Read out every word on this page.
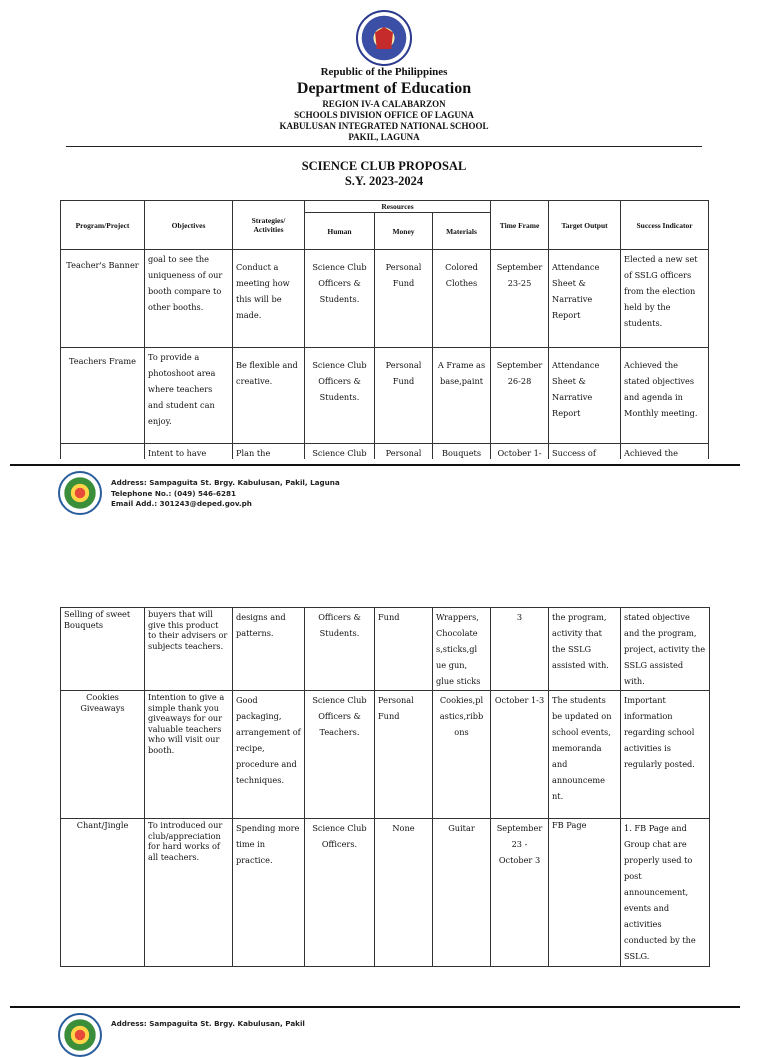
Republic of the Philippines
Department of Education
REGION IV-A CALABARZON
SCHOOLS DIVISION OFFICE OF LAGUNA
KABULUSAN INTEGRATED NATIONAL SCHOOL
PAKIL, LAGUNA
SCIENCE CLUB PROPOSAL
S.Y. 2023-2024
Program/Project	Objectives	Strategies/ Activities	Resources			Time Frame	Target Output	Success Indicator
			Human	Money	Materials			
Teacher's Banner	goal to see the uniqueness of our booth compare to other booths.	Conduct a meeting how this will be made.	Science Club Officers & Students.	Personal Fund	Colored Clothes	September 23-25	Attendance Sheet & Narrative Report	Elected a new set of SSLG officers from the election held by the students.
Teachers Frame	To provide a photoshoot area where teachers and student can enjoy.	Be flexible and creative.	Science Club Officers & Students.	Personal Fund	A Frame as base,paint	September 26-28	Attendance Sheet & Narrative Report	Achieved the stated objectives and agenda in Monthly meeting.
	Intent to have	Plan the	Science Club	Personal	Bouquets	October 1-	Success of	Achieved the
Address: Sampaguita St. Brgy. Kabulusan, Pakil, Laguna
Telephone No.: (049) 546-6281
Email Add.: 301243@deped.gov.ph
Selling of sweet Bouquets	buyers that will give this product to their advisers or subjects teachers.	designs and patterns.	Officers & Students.	Fund	Wrappers, Chocolate s,sticks,gl ue gun, glue sticks	3	the program, activity that the SSLG assisted with.	stated objective and the program, project, activity the SSLG assisted with.
Cookies Giveaways	Intention to give a simple thank you giveaways for our valuable teachers who will visit our booth.	Good packaging, arrangement of recipe, procedure and techniques.	Science Club Officers & Teachers.	Personal Fund	Cookies,pl astics,ribb ons	October 1-3	The students be updated on school events, memoranda and announceme nt.	Important information regarding school activities is regularly posted.
Chant/Jingle	To introduced our club/appreciation for hard works of all teachers.	Spending more time in practice.	Science Club Officers.	None	Guitar	September 23 - October 3	FB Page	1. FB Page and Group chat are properly used to post announcement, events and activities conducted by the SSLG.
Address: Sampaguita St. Brgy. Kabulusan, Pakil
